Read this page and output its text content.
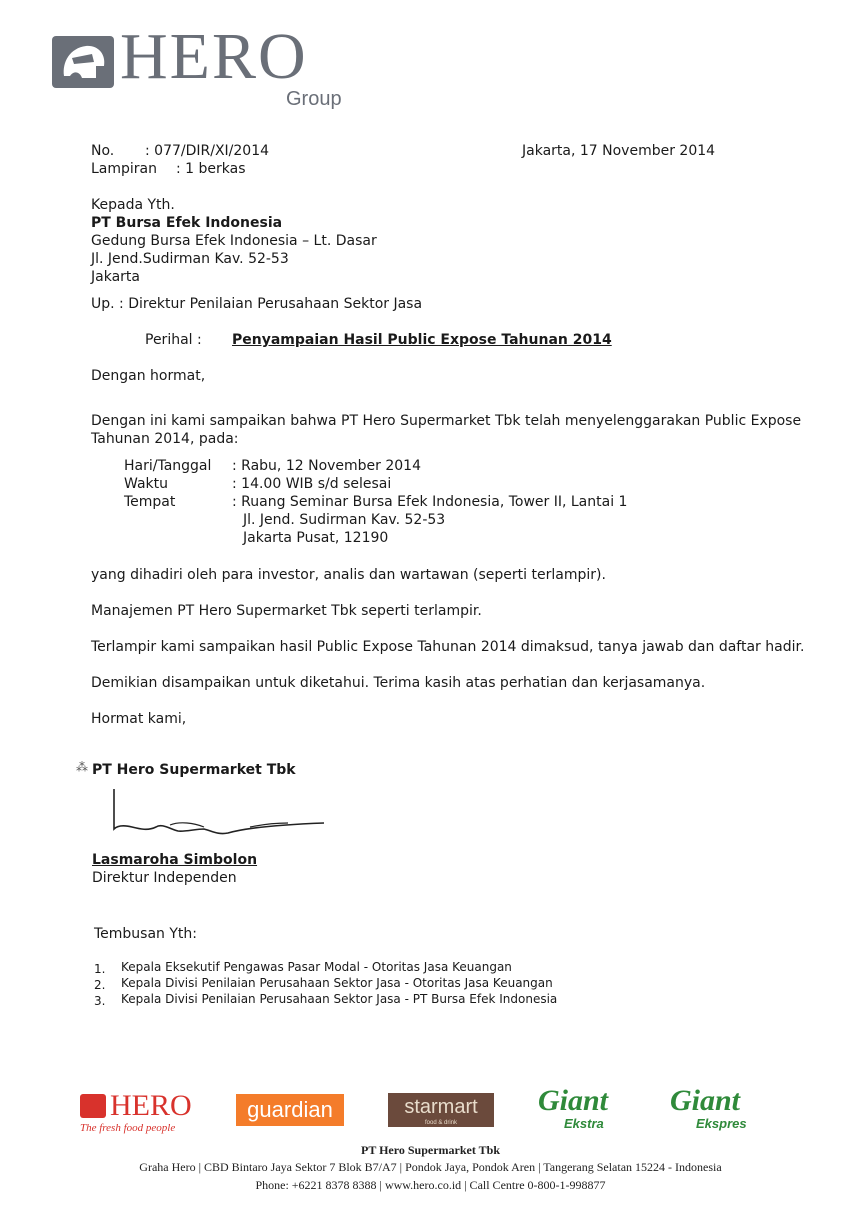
HERO
Group
No. : 077/DIR/XI/2014
Lampiran : 1 berkas
Jakarta, 17 November 2014
Kepada Yth.
PT Bursa Efek Indonesia
Gedung Bursa Efek Indonesia – Lt. Dasar
Jl. Jend.Sudirman Kav. 52-53
Jakarta
Up. : Direktur Penilaian Perusahaan Sektor Jasa
Perihal : Penyampaian Hasil Public Expose Tahunan 2014
Dengan hormat,
Dengan ini kami sampaikan bahwa PT Hero Supermarket Tbk telah menyelenggarakan Public Expose
Tahunan 2014, pada:
Hari/Tanggal : Rabu, 12 November 2014
Waktu	: 14.00 WIB s/d selesai
Tempat	: Ruang Seminar Bursa Efek Indonesia, Tower II, Lantai 1
Jl. Jend. Sudirman Kav. 52-53
Jakarta Pusat, 12190
yang dihadiri oleh para investor, analis dan wartawan (seperti terlampir).
Manajemen PT Hero Supermarket Tbk seperti terlampir.
Terlampir kami sampaikan hasil Public Expose Tahunan 2014 dimaksud, tanya jawab dan daftar hadir.
Demikian disampaikan untuk diketahui. Terima kasih atas perhatian dan kerjasamanya.
Hormat kami,
⁂ PT Hero Supermarket Tbk
Lasmaroha Simbolon
Direktur Independen
Tembusan Yth:
1. Kepala Eksekutif Pengawas Pasar Modal - Otoritas Jasa Keuangan
2. Kepala Divisi Penilaian Perusahaan Sektor Jasa - Otoritas Jasa Keuangan
3. Kepala Divisi Penilaian Perusahaan Sektor Jasa - PT Bursa Efek Indonesia
HERO
The fresh food people
guardian	starmart
food & drink
Giant
Ekstra
Giant
Ekspres
PT Hero Supermarket Tbk
Graha Hero | CBD Bintaro Jaya Sektor 7 Blok B7/A7 | Pondok Jaya, Pondok Aren | Tangerang Selatan 15224 - Indonesia
Phone: +6221 8378 8388 | www.hero.co.id | Call Centre 0-800-1-998877
